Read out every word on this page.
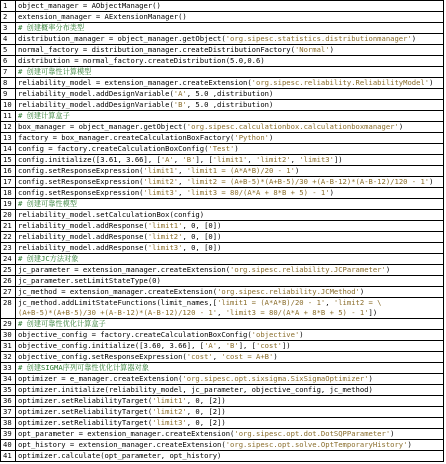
1	object_manager = AObjectManager()
2	extension_manager = AExtensionManager()
3	# 创建概率分布类型
4	distribution_manager = object_manager.getObject('org.sipesc.statistics.distributionmanager')
5	normal_factory = distribution_manager.createDistributionFactory('Normal')
6	distribution = normal_factory.createDistribution(5.0,0.6)
7	# 创建可靠性计算模型
8	reliability_model = extension_manager.createExtension('org.sipesc.reliability.ReliabilityModel')
9	reliability_model.addDesignVariable('A', 5.0 ,distribution)
10	reliability_model.addDesignVariable('B', 5.0 ,distribution)
11	# 创建计算盒子
12	box_manager = object_manager.getObject('org.sipesc.calculationbox.calculationboxmanager')
13	factory = box_manager.createCalculationBoxFactory('Python')
14	config = factory.createCalculationBoxConfig('Test')
15	config.initialize([3.61, 3.66], ['A', 'B'], ['limit1', 'limit2', 'limit3'])
16	config.setResponseExpression('limit1', 'limit1 = (A*A*B)/20 - 1')
17	config.setResponseExpression('limit2', 'limit2 = (A+B-5)*(A+B-5)/30 +(A-B-12)*(A-B-12)/120 - 1')
18	config.setResponseExpression('limit3', 'limit3 = 80/(A*A + 8*B + 5) - 1')
19	# 创建可靠性模型
20	reliability_model.setCalculationBox(config)
21	reliability_model.addResponse('limit1', 0, [0])
22	reliability_model.addResponse('limit2', 0, [0])
23	reliability_model.addResponse('limit3', 0, [0])
24	# 创建JC方法对象
25	jc_parameter = extension_manager.createExtension('org.sipesc.reliability.JCParameter')
26	jc_parameter.setLimitStateType(0)
27	jc_method = extension_manager.createExtension('org.sipesc.reliability.JCMethod')
28	jc_method.addLimitStateFunctions(limit_names,['limit1 = (A*A*B)/20 - 1', 'limit2 = \
(A+B-5)*(A+B-5)/30 +(A-B-12)*(A-B-12)/120 - 1', 'limit3 = 80/(A*A + 8*B + 5) - 1'])
29	# 创建可靠性优化计算盒子
30	objective_config = factory.createCalculationBoxConfig('objective')
31	objective_config.initialize([3.60, 3.66], ['A', 'B'], ['cost'])
32	objective_config.setResponseExpression('cost', 'cost = A+B')
33	# 创建SIGMA序列可靠性优化计算器对象
34	optimizer = e_manager.createExtension('org.sipesc.opt.sixsigma.SixSigmaOptimizer')
35	optimizer.initialize(reliability_model, jc_parameter, objective_config, jc_method)
36	optimizer.setReliabilityTarget('limit1', 0, [2])
37	optimizer.setReliabilityTarget('limit2', 0, [2])
38	optimizer.setReliabilityTarget('limit3', 0, [2])
39	opt_parameter = extension_manager.createExtension('org.sipesc.opt.dot.DotSQPParameter')
40	opt_history = extension_manager.createExtension('org.sipesc.opt.solve.OptTemporaryHistory')
41	optimizer.calculate(opt_parameter, opt_history)
